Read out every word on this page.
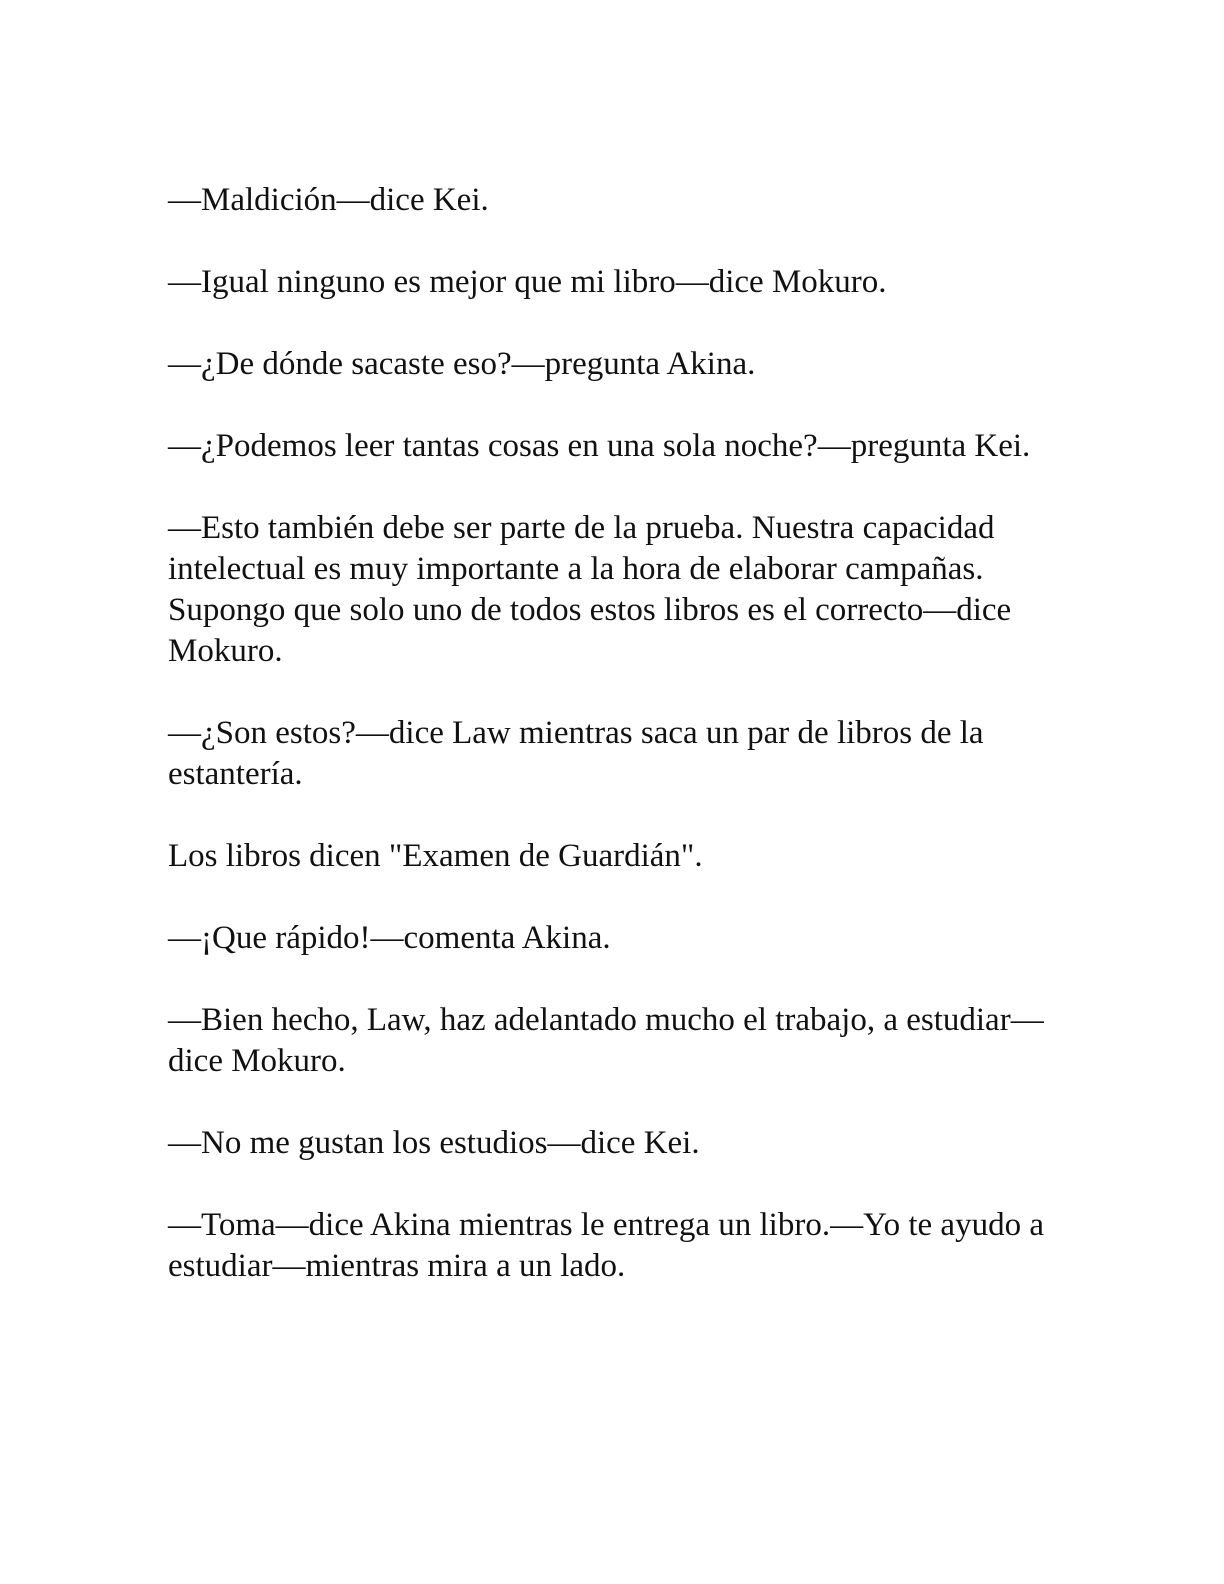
—Maldición—dice Kei.

—Igual ninguno es mejor que mi libro—dice Mokuro.

—¿De dónde sacaste eso?—pregunta Akina.

—¿Podemos leer tantas cosas en una sola noche?—pregunta Kei.

—Esto también debe ser parte de la prueba. Nuestra capacidad intelectual es muy importante a la hora de elaborar campañas. Supongo que solo uno de todos estos libros es el correcto—dice Mokuro.

—¿Son estos?—dice Law mientras saca un par de libros de la estantería.

Los libros dicen "Examen de Guardián".

—¡Que rápido!—comenta Akina.

—Bien hecho, Law, haz adelantado mucho el trabajo, a estudiar—dice Mokuro.

—No me gustan los estudios—dice Kei.

—Toma—dice Akina mientras le entrega un libro.—Yo te ayudo a estudiar—mientras mira a un lado.
